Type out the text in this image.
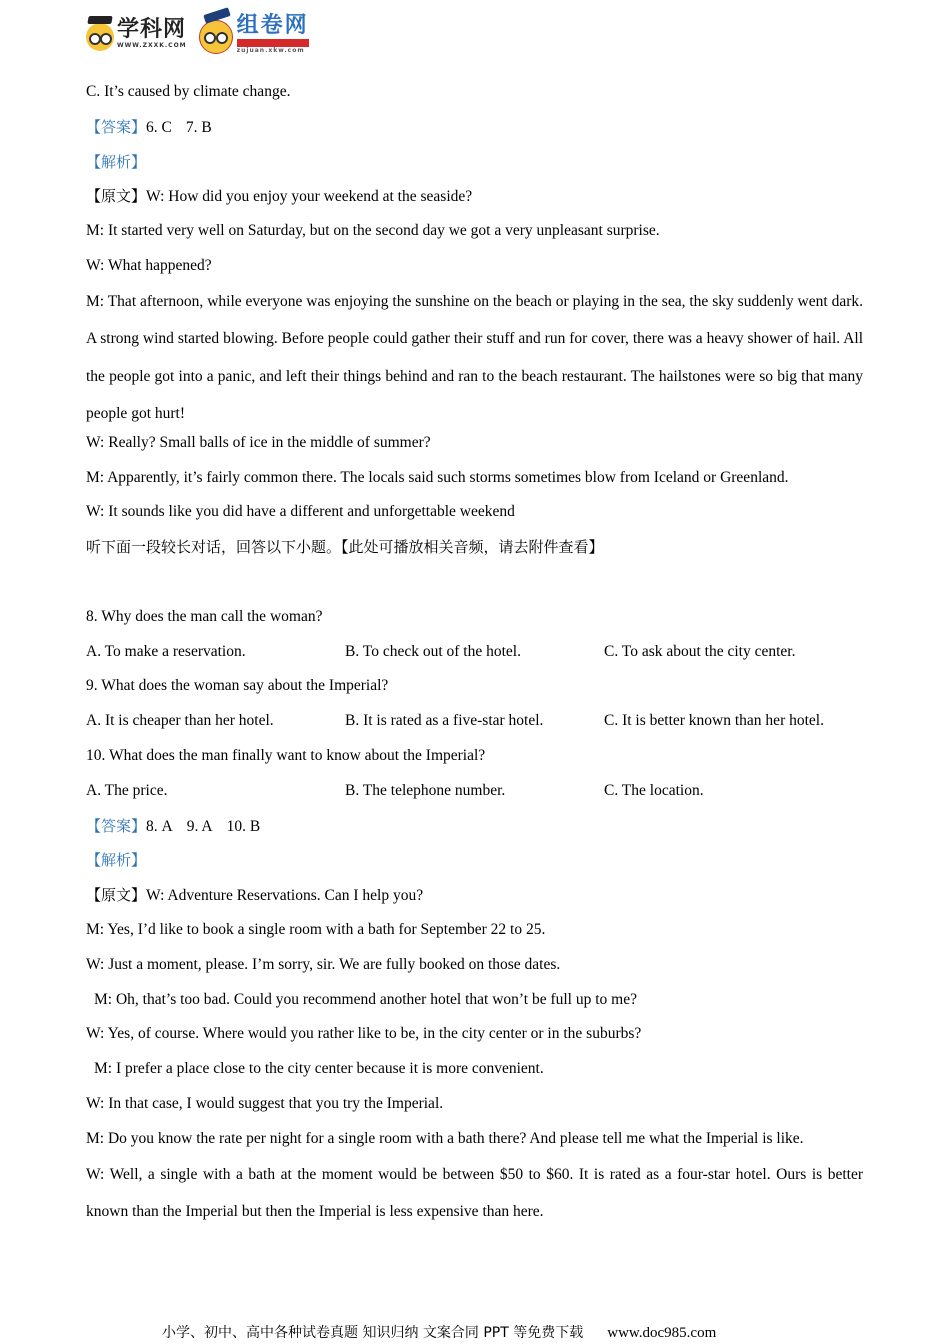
学科网
WWW.ZXXK.COM
组卷网
zujuan.xkw.com
C. It’s caused by climate change.
【答案】6. C 7. B
【解析】
【原文】W: How did you enjoy your weekend at the seaside?
M: It started very well on Saturday, but on the second day we got a very unpleasant surprise.
W: What happened?
M: That afternoon, while everyone was enjoying the sunshine on the beach or playing in the sea, the sky suddenly went dark. A strong wind started blowing. Before people could gather their stuff and run for cover, there was a heavy shower of hail. All the people got into a panic, and left their things behind and ran to the beach restaurant. The hailstones were so big that many people got hurt!
W: Really? Small balls of ice in the middle of summer?
M: Apparently, it’s fairly common there. The locals said such storms sometimes blow from Iceland or Greenland.
W: It sounds like you did have a different and unforgettable weekend
听下面一段较长对话，回答以下小题。【此处可播放相关音频，请去附件查看】
8. Why does the man call the woman?
A. To make a reservation.	B. To check out of the hotel.	C. To ask about the city center.
9. What does the woman say about the Imperial?
A. It is cheaper than her hotel.	B. It is rated as a five-star hotel.	C. It is better known than her hotel.
10. What does the man finally want to know about the Imperial?
A. The price.	B. The telephone number.	C. The location.
【答案】8. A 9. A 10. B
【解析】
【原文】W: Adventure Reservations. Can I help you?
M: Yes, I’d like to book a single room with a bath for September 22 to 25.
W: Just a moment, please. I’m sorry, sir. We are fully booked on those dates.
M: Oh, that’s too bad. Could you recommend another hotel that won’t be full up to me?
W: Yes, of course. Where would you rather like to be, in the city center or in the suburbs?
M: I prefer a place close to the city center because it is more convenient.
W: In that case, I would suggest that you try the Imperial.
M: Do you know the rate per night for a single room with a bath there? And please tell me what the Imperial is like.
W: Well, a single with a bath at the moment would be between $50 to $60. It is rated as a four-star hotel. Ours is better known than the Imperial but then the Imperial is less expensive than here.
小学、初中、高中各种试卷真题 知识归纳 文案合同 PPT 等免费下载 www.doc985.com
